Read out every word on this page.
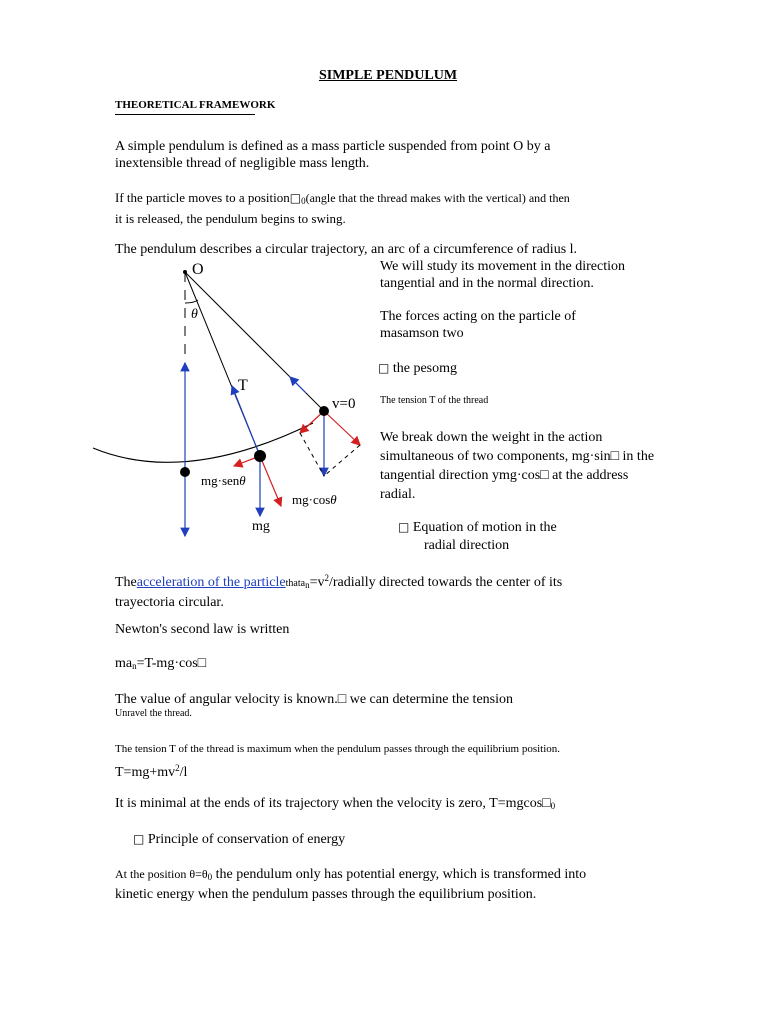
SIMPLE PENDULUM
THEORETICAL FRAMEWORK
A simple pendulum is defined as a mass particle suspended from point O by a
inextensible thread of negligible mass length.
If the particle moves to a $position□_0(angle$ that the thread makes with the vertical) and then
it is released, the pendulum begins to swing.
The pendulum describes a circular trajectory, an arc of a circumference of radius l.
We will study its movement in the direction
tangential and in the normal direction.
The forces acting on the particle of
masamson two
□ the pesomg
The tension T of the thread
We break down the weight in the action
simultaneous of two components, mg·sin□ in the
tangential direction ymg·cos□ at the address
radial.
□ Equation of motion in the
radial direction
O
θ
T
v=0
mg·senθ
mg·cosθ
mg
Theacceleration of the $particlethata_n=v^2$/radially directed towards the center of its
trayectoria circular.
Newton's second law is written
$ma_n=T-mg\cdot\cos□$
The value of angular velocity is known.□ we can determine the tension
Unravel the thread.
The tension T of the thread is maximum when the pendulum passes through the equilibrium position.
$T=mg+mv^2/l$
It is minimal at the ends of its trajectory when the velocity is zero, $T=mgcos□_0$
□ Principle of conservation of energy
At the position $\theta=\theta_0$ the pendulum only has potential energy, which is transformed into
kinetic energy when the pendulum passes through the equilibrium position.
